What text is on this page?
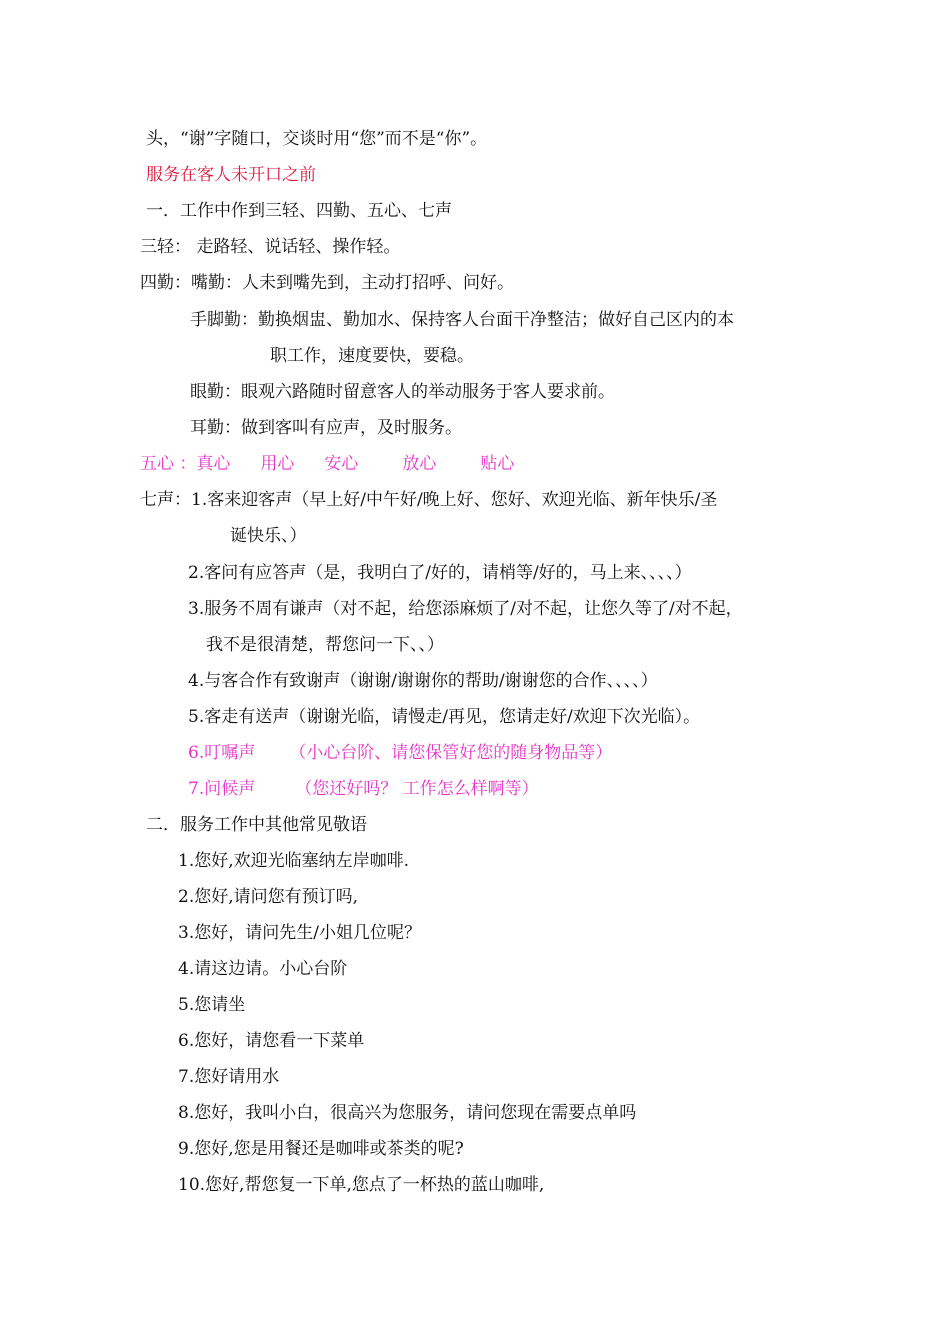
头，“谢”字随口，交谈时用“您”而不是“你”。
服务在客人未开口之前
一．工作中作到三轻、四勤、五心、七声
三轻： 走路轻、说话轻、操作轻。
四勤：嘴勤：人未到嘴先到，主动打招呼、问好。
手脚勤：勤换烟盅、勤加水、保持客人台面干净整洁；做好自己区内的本
职工作，速度要快，要稳。
眼勤：眼观六路随时留意客人的举动服务于客人要求前。
耳勤：做到客叫有应声，及时服务。
五心 ：真心 用心 安心	放心	贴心
七声：1.客来迎客声（早上好/中午好/晚上好、您好、欢迎光临、新年快乐/圣
诞快乐、）
2.客问有应答声（是，我明白了/好的，请梢等/好的，马上来、、、、）
3.服务不周有谦声（对不起，给您添麻烦了/对不起，让您久等了/对不起，
我不是很清楚，帮您问一下、、）
4.与客合作有致谢声（谢谢/谢谢你的帮助/谢谢您的合作、、、、）
5.客走有送声（谢谢光临，请慢走/再见，您请走好/欢迎下次光临）。
6.叮嘱声 （小心台阶、请您保管好您的随身物品等）
7.问候声 （您还好吗？ 工作怎么样啊等）
二．服务工作中其他常见敬语
1.您好,欢迎光临塞纳左岸咖啡.
2.您好,请问您有预订吗,
3.您好，请问先生/小姐几位呢？
4.请这边请。小心台阶
5.您请坐
6.您好，请您看一下菜单
7.您好请用水
8.您好，我叫小白，很高兴为您服务，请问您现在需要点单吗
9.您好,您是用餐还是咖啡或茶类的呢?
10.您好,帮您复一下单,您点了一杯热的蓝山咖啡,
